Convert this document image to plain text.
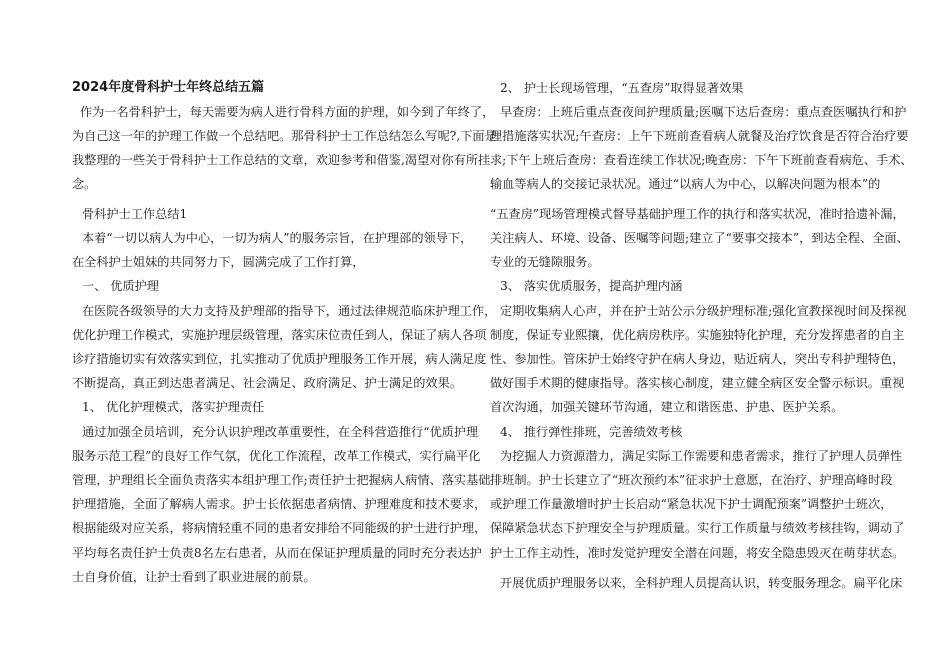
2024年度骨科护士年终总结五篇
作为一名骨科护士，每天需要为病人进行骨科方面的护理，如今到了年终了，
为自己这一年的护理工作做一个总结吧。那骨科护士工作总结怎么写呢?,下面是
我整理的一些关于骨科护士工作总结的文章，欢迎参考和借鉴,渴望对你有所挂
念。
骨科护士工作总结1
本着“一切以病人为中心，一切为病人”的服务宗旨，在护理部的领导下，
在全科护士姐妹的共同努力下，圆满完成了工作打算，
一、 优质护理
在医院各级领导的大力支持及护理部的指导下，通过法律规范临床护理工作，
优化护理工作模式，实施护理层级管理，落实床位责任到人，保证了病人各项
诊疗措施切实有效落实到位，扎实推动了优质护理服务工作开展，病人满足度
不断提高，真正到达患者满足、社会满足、政府满足、护士满足的效果。
1、 优化护理模式，落实护理责任
通过加强全员培训，充分认识护理改革重要性，在全科营造推行“优质护理
服务示范工程”的良好工作气氛，优化工作流程，改革工作模式，实行扁平化
管理，护理组长全面负责落实本组护理工作;责任护士把握病人病情、落实基础
护理措施，全面了解病人需求。护士长依据患者病情、护理难度和技术要求，
根据能级对应关系，将病情轻重不同的患者安排给不同能级的护士进行护理，
平均每名责任护士负责8名左右患者，从而在保证护理质量的同时充分表达护
士自身价值，让护士看到了职业进展的前景。
2、 护士长现场管理，“五查房”取得显著效果
早查房：上班后重点查夜间护理质量;医嘱下达后查房：重点查医嘱执行和护
理措施落实状况;午查房：上午下班前查看病人就餐及治疗饮食是否符合治疗要
求;下午上班后查房：查看连续工作状况;晚查房：下午下班前查看病危、手术、
输血等病人的交接记录状况。通过“以病人为中心，以解决问题为根本”的
“五查房”现场管理模式督导基础护理工作的执行和落实状况，准时拾遗补漏，
关注病人、环境、设备、医嘱等问题;建立了“要事交接本”，到达全程、全面、
专业的无缝隙服务。
3、 落实优质服务，提高护理内涵
定期收集病人心声，并在护士站公示分级护理标准;强化宣教探视时间及探视
制度，保证专业熙攘，优化病房秩序。实施独特化护理，充分发挥患者的自主
性、参加性。管床护士始终守护在病人身边，贴近病人，突出专科护理特色，
做好围手术期的健康指导。落实核心制度，建立健全病区安全警示标识。重视
首次沟通，加强关键环节沟通，建立和谐医患、护患、医护关系。
4、 推行弹性排班，完善绩效考核
为挖掘人力资源潜力，满足实际工作需要和患者需求，推行了护理人员弹性
排班制。护士长建立了“班次预约本”征求护士意愿，在治疗、护理高峰时段
或护理工作量激增时护士长启动“紧急状况下护士调配预案”调整护士班次，
保障紧急状态下护理安全与护理质量。实行工作质量与绩效考核挂钩，调动了
护士工作主动性，准时发觉护理安全潜在问题，将安全隐患毁灭在萌芽状态。
开展优质护理服务以来，全科护理人员提高认识，转变服务理念。扁平化床
